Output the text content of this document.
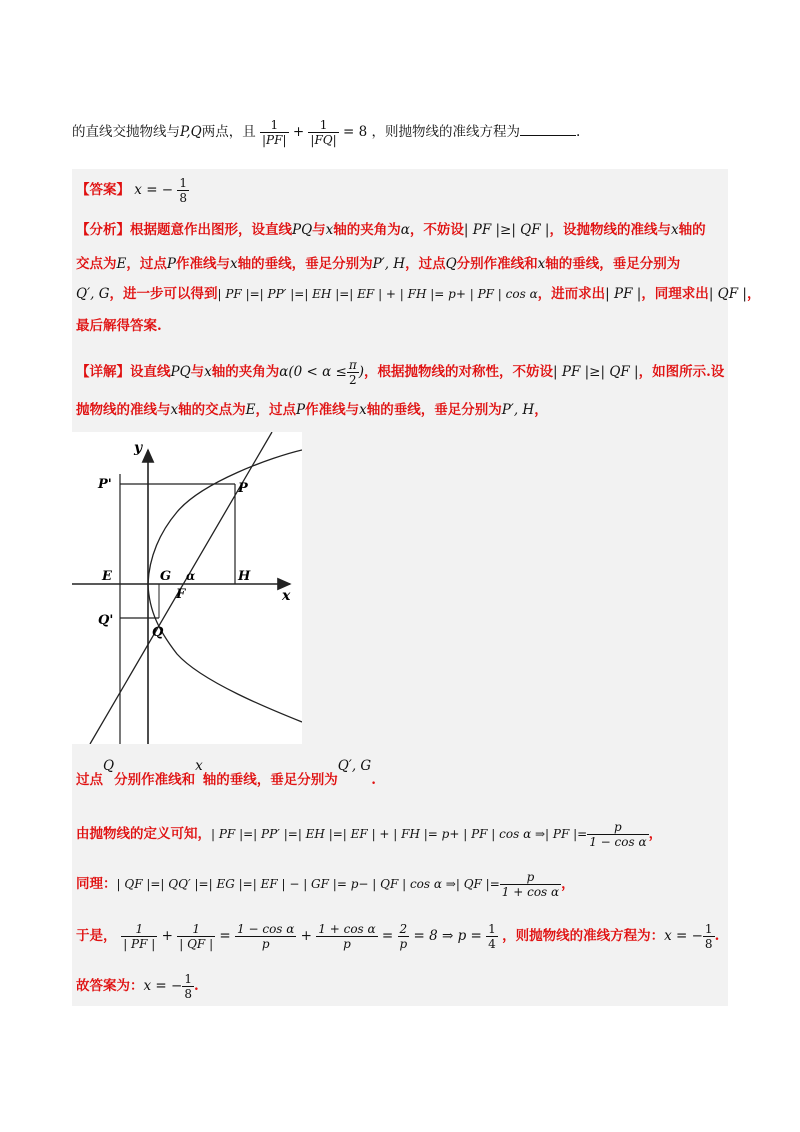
的直线交抛物线与P,Q两点，且 $\frac{1}{|PF|} + \frac{1}{|FQ|} = 8$ ，则抛物线的准线方程为	.
【答案】 x = − $\frac{1}{8}$
【分析】根据题意作出图形，设直线PQ与x轴的夹角为α，不妨设| PF |≥| QF |，设抛物线的准线与x轴的
交点为E，过点P作准线与x轴的垂线，垂足分别为P′, H，过点Q分别作准线和x轴的垂线，垂足分别为
Q′, G，进一步可以得到| PF |=| PP′ |=| EH |=| EF | + | FH |= p+ | PF | cos α，进而求出| PF |，同理求出| QF |，
最后解得答案.
【详解】设直线PQ与x轴的夹角为$\alpha(0 < \alpha \le \frac{\pi}{2}$ )，根据抛物线的对称性，不妨设| PF |≥| QF |，如图所示.设
抛物线的准线与x轴的交点为E，过点P作准线与x轴的垂线，垂足分别为P′, H，
y
x
P'	P
E	G α	H
F
Q'
Q
过点Q分别作准线和x轴的垂线，垂足分别为Q′, G.
由抛物线的定义可知，| PF |=| PP′ |=| EH |=| EF | + | FH |= p+ | PF | cos α ⇒| PF |= $\frac{p}{\text{1 − cos α}}$ ，
同理：| QF |=| QQ′ |=| EG |=| EF | − | GF |= p− | QF | cos α ⇒| QF |= $\frac{p}{\text{1 + cos α}}$ ，
于是， $\frac{1}{| PF |} + \frac{1}{| QF |} = \frac{\text{1 − cos α}}{p} + \frac{\text{1 + cos α}}{p} = \frac{2}{p} = 8$ ⇒ $p = \frac{1}{4}$ ，则抛物线的准线方程为：x = − $\frac{1}{8}$ .
故答案为：x = − $\frac{1}{8}$ .
